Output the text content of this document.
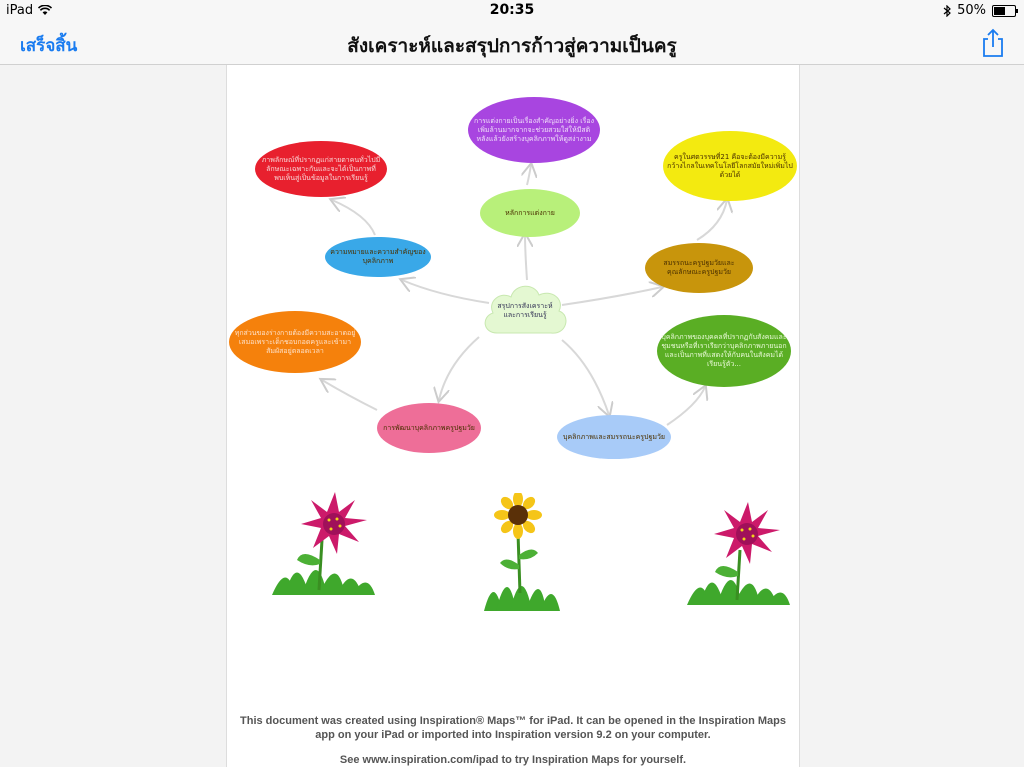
iPad	20:35	50%
เสร็จสิ้น	สังเคราะห์และสรุปการก้าวสู่ความเป็นครู
สรุปการสังเคราะห์และการเรียนรู้
ความหมายและความสำคัญของบุคลิกภาพ
ภาพลักษณ์ที่ปรากฏแก่สายตาคนทั่วไปมีลักษณะเฉพาะกันและจะได้เป็นภาพที่พบเห็นสู่เป็นข้อมูลในการเรียนรู้
หลักการแต่งกาย
การแต่งกายเป็นเรื่องสำคัญอย่างยิ่ง เรื่องเพิ่มล้านมากจากจะช่วยสวมใส่ให้มีสติหลังแล้วยังสร้างบุคลิกภาพให้ดูสง่างาม
สมรรถนะครูปฐมวัยและคุณลักษณะครูปฐมวัย
ครูในศตวรรษที่21 คือจะต้องมีความรู้ กว้างไกลในเทคโนโลยีโลกสมัยใหม่เพิ่มไปด้วยได้
ทุกส่วนของร่างกายต้องมีความสะอาดอยู่เสมอเพราะเด็กชอบกอดครูและเข้ามาสัมผัสอยู่ตลอดเวลา
การพัฒนาบุคลิกภาพครูปฐมวัย
บุคลิกภาพและสมรรถนะครูปฐมวัย
บุคลิกภาพของบุคคลที่ปรากฏกับสังคมและชุมชนหรือที่เราเรียกว่าบุคลิกภาพภายนอกและเป็นภาพที่แสดงให้กับคนในสังคมได้เรียนรู้ตัว...
This document was created using Inspiration® Maps™ for iPad. It can be opened in the Inspiration Maps
app on your iPad or imported into Inspiration version 9.2 on your computer.
See www.inspiration.com/ipad to try Inspiration Maps for yourself.
